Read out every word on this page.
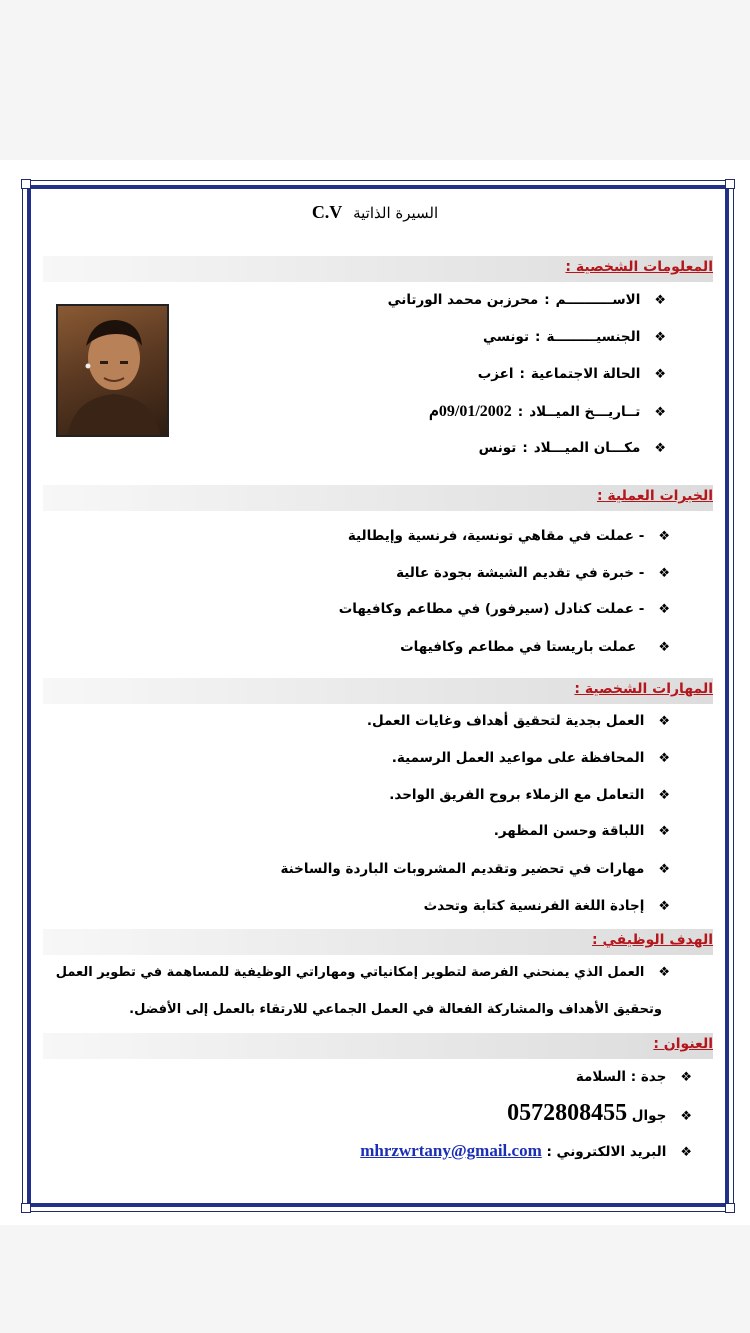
السيرة الذاتية C.V
المعلومات الشخصية :
❖الاســــــــــم:محرزبن محمد الورتاني
❖الجنسيـــــــــة:تونسي
❖الحالة الاجتماعية:اعزب
❖تــاريـــخ الميــلاد:09/01/2002م
❖مكـــان الميـــلاد:تونس
الخبرات العملية :
❖- عملت في مقاهي تونسية، فرنسية وإيطالية
❖- خبرة في تقديم الشيشة بجودة عالية
❖- عملت كنادل (سيرفور) في مطاعم وكافيهات
❖عملت باريستا في مطاعم وكافيهات
المهارات الشخصية :
❖العمل بجدية لتحقيق أهداف وغايات العمل.
❖المحافظة على مواعيد العمل الرسمية.
❖التعامل مع الزملاء بروح الفريق الواحد.
❖اللباقة وحسن المظهر.
❖مهارات في تحضير وتقديم المشروبات الباردة والساخنة
❖إجادة اللغة الفرنسية كتابة وتحدث
الهدف الوظيفي :
❖العمل الذي يمنحني الفرصة لتطوير إمكانياتي ومهاراتي الوظيفية للمساهمة في تطوير العمل
وتحقيق الأهداف والمشاركة الفعالة في العمل الجماعي للارتقاء بالعمل إلى الأفضل.
العنوان :
❖جدة : السلامة
❖جوال 0572808455
❖البريد الالكتروني : mhrzwrtany@gmail.com
